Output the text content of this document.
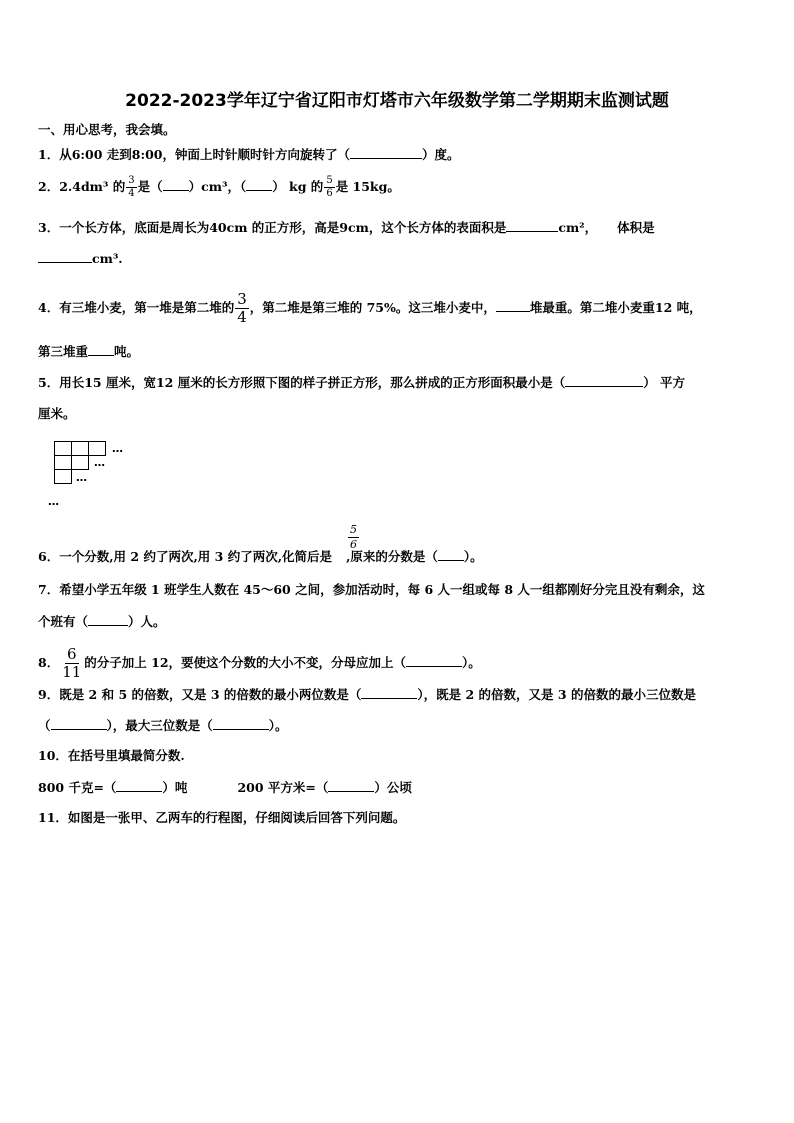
2022-2023学年辽宁省辽阳市灯塔市六年级数学第二学期期末监测试题
一、用心思考，我会填。
1．从6:00 走到8:00，钟面上时针顺时针方向旋转了（	）度。
2．2.4dm³ 的 $\frac{3}{4}$ 是（ ）cm³，（ ） kg 的 $\frac{5}{6}$ 是 15kg。
3．一个长方体，底面是周长为40cm 的正方形，高是9cm，这个长方体的表面积是	cm²， 体积是
cm³.
4．有三堆小麦，第一堆是第二堆的 $\frac{3}{4}$ ，第二堆是第三堆的 75%。这三堆小麦中，	堆最重。第二堆小麦重12 吨，
第三堆重 吨。
5．用长15 厘米，宽12 厘米的长方形照下图的样子拼正方形，那么拼成的正方形面积最小是（	） 平方
厘米。
…
…
…
…
$\frac{5}{6}$
6．一个分数,用 2 约了两次,用 3 约了两次,化简后是 ,原来的分数是（ ）。
7．希望小学五年级 1 班学生人数在 45～60 之间，参加活动时，每 6 人一组或每 8 人一组都刚好分完且没有剩余，这
个班有（	）人。
8． $\frac{6}{11}$ 的分子加上 12，要使这个分数的大小不变，分母应加上（	）。
9．既是 2 和 5 的倍数，又是 3 的倍数的最小两位数是（	），既是 2 的倍数，又是 3 的倍数的最小三位数是
（	），最大三位数是（	）。
10．在括号里填最简分数.
800 千克=（	）吨	200 平方米=（	）公顷
11．如图是一张甲、乙两车的行程图，仔细阅读后回答下列问题。
